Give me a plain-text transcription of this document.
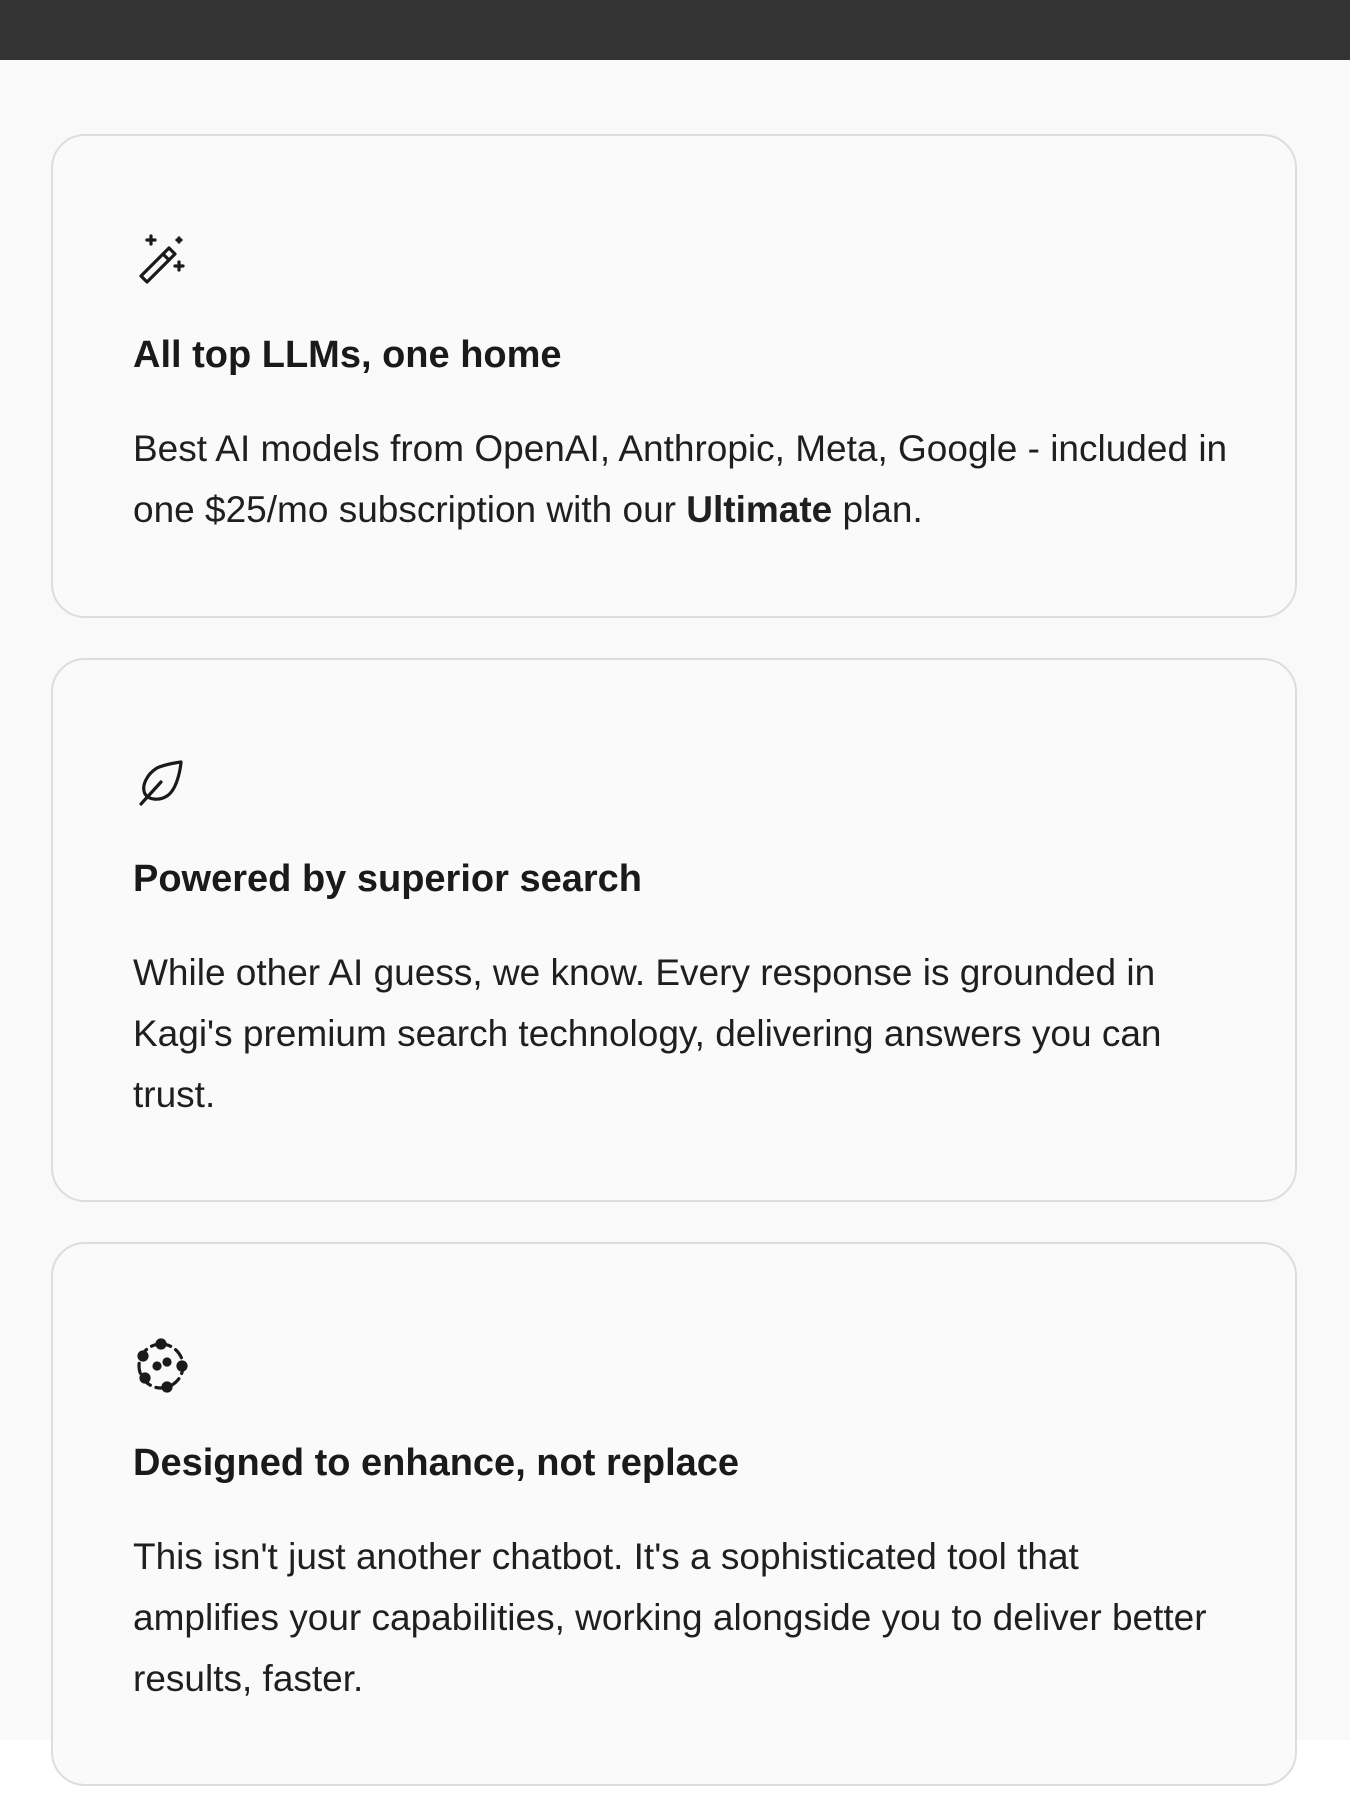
All top LLMs, one home

Best AI models from OpenAI, Anthropic, Meta, Google - included in one $25/mo subscription with our Ultimate plan.

Powered by superior search

While other AI guess, we know. Every response is grounded in Kagi's premium search technology, delivering answers you can trust.

Designed to enhance, not replace

This isn't just another chatbot. It's a sophisticated tool that amplifies your capabilities, working alongside you to deliver better results, faster.
